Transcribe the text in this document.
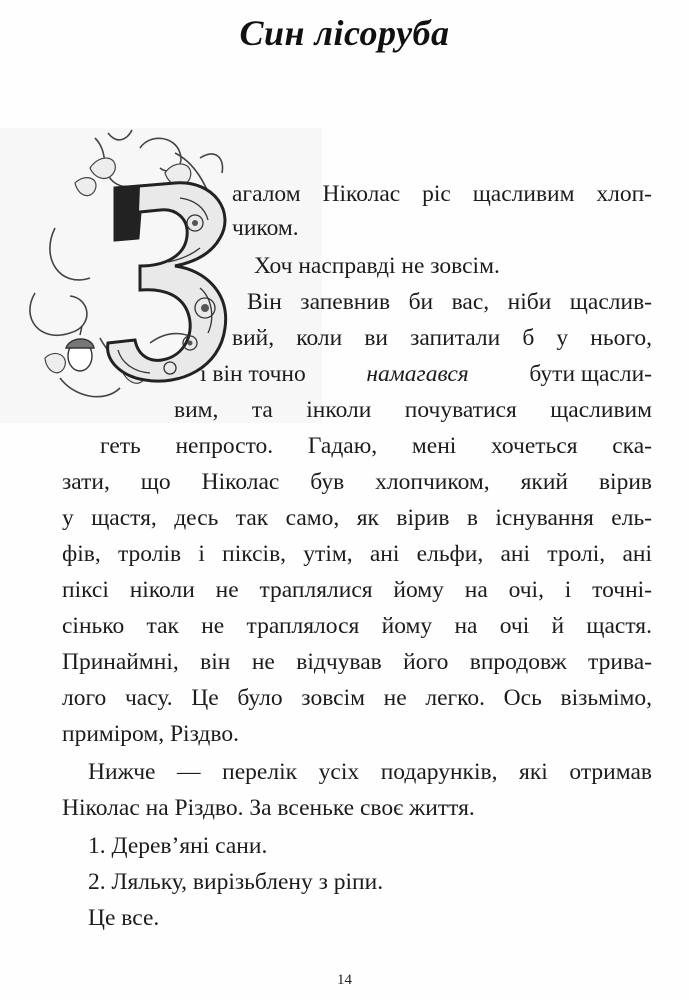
Син лісоруба
агалом Ніколас ріс щасливим хлоп-
чиком.
Хоч насправді не зовсім.
Він запевнив би вас, ніби щаслив-
вий, коли ви запитали б у нього,
і він точно намагався бути щасли-
вим, та інколи почуватися щасливим
геть непросто. Гадаю, мені хочеться ска-
зати, що Ніколас був хлопчиком, який вірив
у щастя, десь так само, як вірив в існування ель-
фів, тролів і піксів, утім, ані ельфи, ані тролі, ані
піксі ніколи не траплялися йому на очі, і точні-
сінько так не траплялося йому на очі й щастя.
Принаймні, він не відчував його впродовж трива-
лого часу. Це було зовсім не легко. Ось візьмімо,
приміром, Різдво.
Нижче — перелік усіх подарунків, які отримав
Ніколас на Різдво. За всеньке своє життя.
1. Дерев’яні сани.
2. Ляльку, вирізьблену з ріпи.
Це все.
14
